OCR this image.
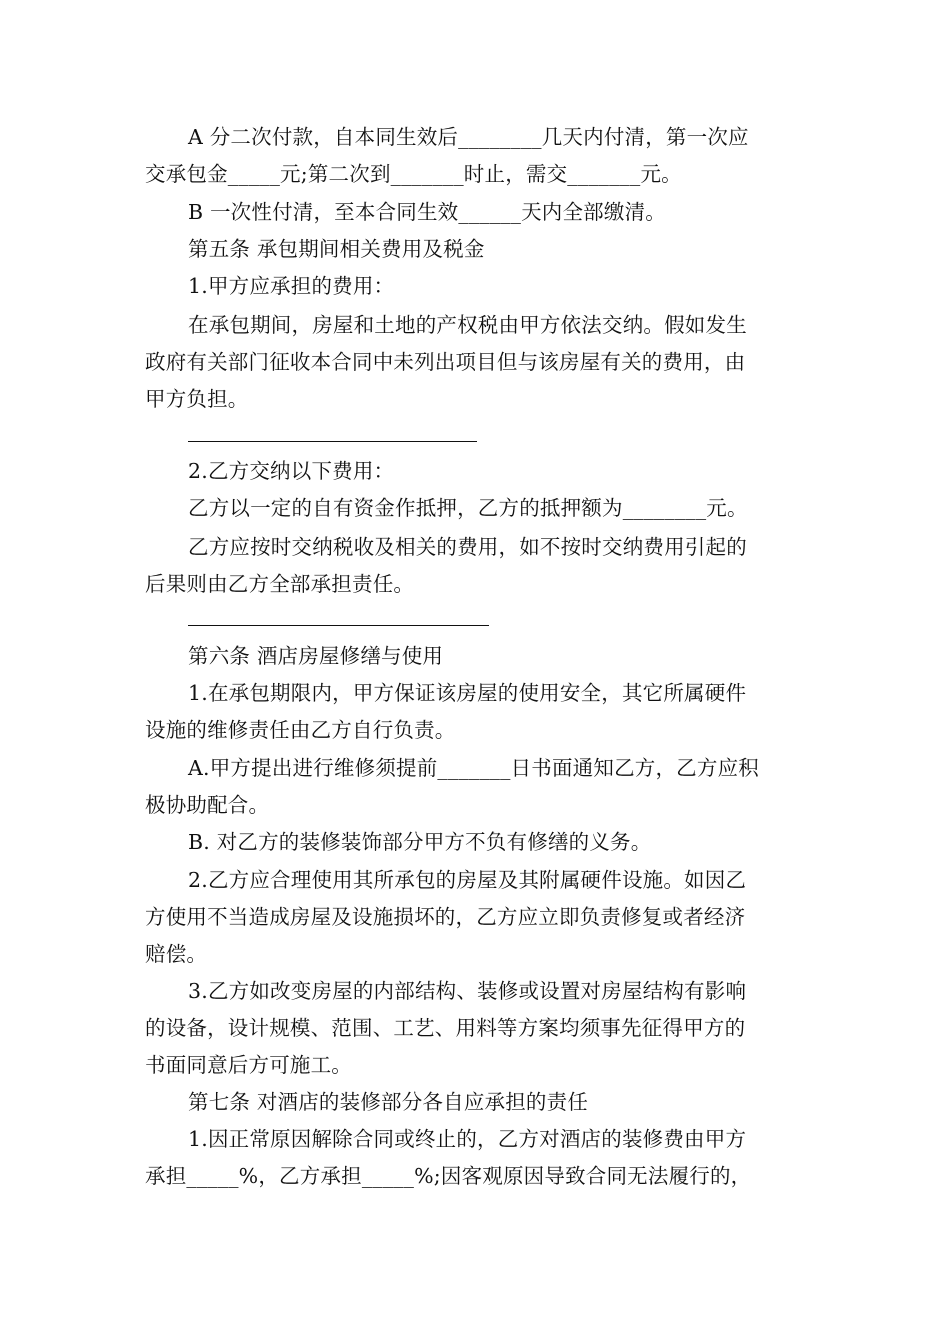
A 分二次付款，自本同生效后________几天内付清，第一次应
交承包金_____元;第二次到_______时止，需交_______元。
B 一次性付清，至本合同生效______天内全部缴清。
第五条 承包期间相关费用及税金
1.甲方应承担的费用：
在承包期间，房屋和土地的产权税由甲方依法交纳。假如发生
政府有关部门征收本合同中未列出项目但与该房屋有关的费用，由
甲方负担。
2.乙方交纳以下费用：
乙方以一定的自有资金作抵押，乙方的抵押额为________元。
乙方应按时交纳税收及相关的费用，如不按时交纳费用引起的
后果则由乙方全部承担责任。
第六条 酒店房屋修缮与使用
1.在承包期限内，甲方保证该房屋的使用安全，其它所属硬件
设施的维修责任由乙方自行负责。
A.甲方提出进行维修须提前_______日书面通知乙方，乙方应积
极协助配合。
B. 对乙方的装修装饰部分甲方不负有修缮的义务。
2.乙方应合理使用其所承包的房屋及其附属硬件设施。如因乙
方使用不当造成房屋及设施损坏的，乙方应立即负责修复或者经济
赔偿。
3.乙方如改变房屋的内部结构、装修或设置对房屋结构有影响
的设备，设计规模、范围、工艺、用料等方案均须事先征得甲方的
书面同意后方可施工。
第七条 对酒店的装修部分各自应承担的责任
1.因正常原因解除合同或终止的，乙方对酒店的装修费由甲方
承担_____%，乙方承担_____%;因客观原因导致合同无法履行的，
